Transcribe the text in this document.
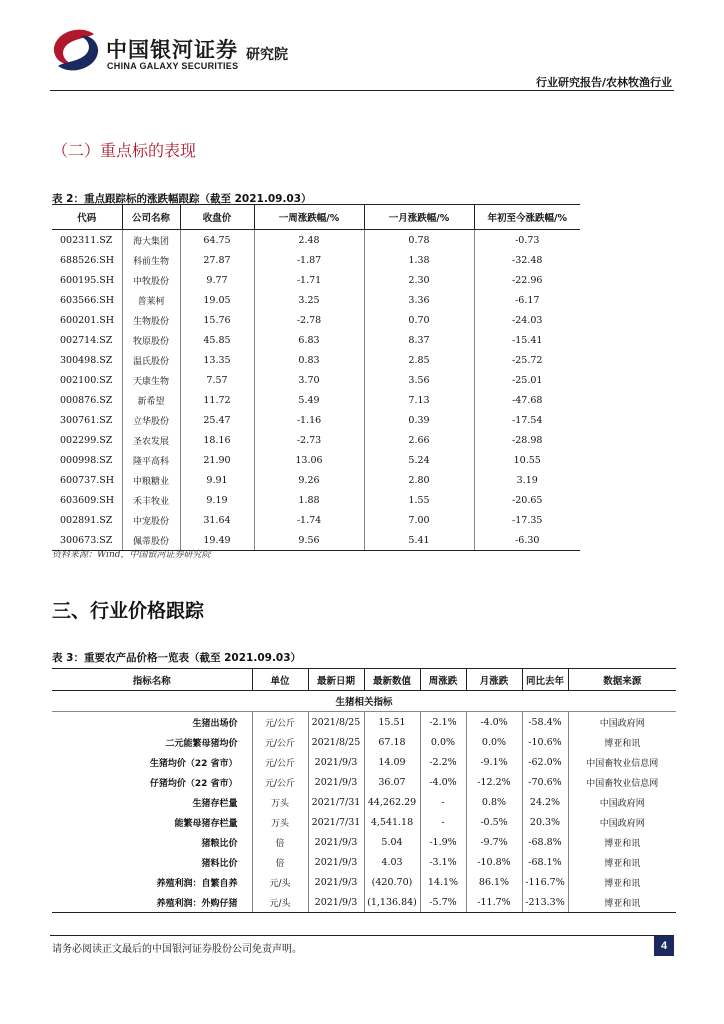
中国银河证券
CHINA GALAXY SECURITIES
研究院
行业研究报告/农林牧渔行业
（二）重点标的表现
表 2：重点跟踪标的涨跌幅跟踪（截至 2021.09.03）
代码	公司名称	收盘价	一周涨跌幅/%	一月涨跌幅/%	年初至今涨跌幅/%
002311.SZ	海大集团	64.75	2.48	0.78	-0.73
688526.SH	科前生物	27.87	-1.87	1.38	-32.48
600195.SH	中牧股份	9.77	-1.71	2.30	-22.96
603566.SH	普莱柯	19.05	3.25	3.36	-6.17
600201.SH	生物股份	15.76	-2.78	0.70	-24.03
002714.SZ	牧原股份	45.85	6.83	8.37	-15.41
300498.SZ	温氏股份	13.35	0.83	2.85	-25.72
002100.SZ	天康生物	7.57	3.70	3.56	-25.01
000876.SZ	新希望	11.72	5.49	7.13	-47.68
300761.SZ	立华股份	25.47	-1.16	0.39	-17.54
002299.SZ	圣农发展	18.16	-2.73	2.66	-28.98
000998.SZ	隆平高科	21.90	13.06	5.24	10.55
600737.SH	中粮糖业	9.91	9.26	2.80	3.19
603609.SH	禾丰牧业	9.19	1.88	1.55	-20.65
002891.SZ	中宠股份	31.64	-1.74	7.00	-17.35
300673.SZ	佩蒂股份	19.49	9.56	5.41	-6.30
资料来源：Wind，中国银河证券研究院
三、行业价格跟踪
表 3：重要农产品价格一览表（截至 2021.09.03）
指标名称	单位	最新日期	最新数值	周涨跌	月涨跌	同比去年	数据来源
生猪相关指标							
生猪出场价	元/公斤	2021/8/25	15.51	-2.1%	-4.0%	-58.4%	中国政府网
二元能繁母猪均价	元/公斤	2021/8/25	67.18	0.0%	0.0%	-10.6%	博亚和讯
生猪均价（22 省市）	元/公斤	2021/9/3	14.09	-2.2%	-9.1%	-62.0%	中国畜牧业信息网
仔猪均价（22 省市）	元/公斤	2021/9/3	36.07	-4.0%	-12.2%	-70.6%	中国畜牧业信息网
生猪存栏量	万头	2021/7/31	44,262.29	-	0.8%	24.2%	中国政府网
能繁母猪存栏量	万头	2021/7/31	4,541.18	-	-0.5%	20.3%	中国政府网
猪粮比价	倍	2021/9/3	5.04	-1.9%	-9.7%	-68.8%	博亚和讯
猪料比价	倍	2021/9/3	4.03	-3.1%	-10.8%	-68.1%	博亚和讯
养殖利润：自繁自养	元/头	2021/9/3	(420.70)	14.1%	86.1%	-116.7%	博亚和讯
养殖利润：外购仔猪	元/头	2021/9/3	(1,136.84)	-5.7%	-11.7%	-213.3%	博亚和讯
请务必阅读正文最后的中国银河证券股份公司免责声明。	4
